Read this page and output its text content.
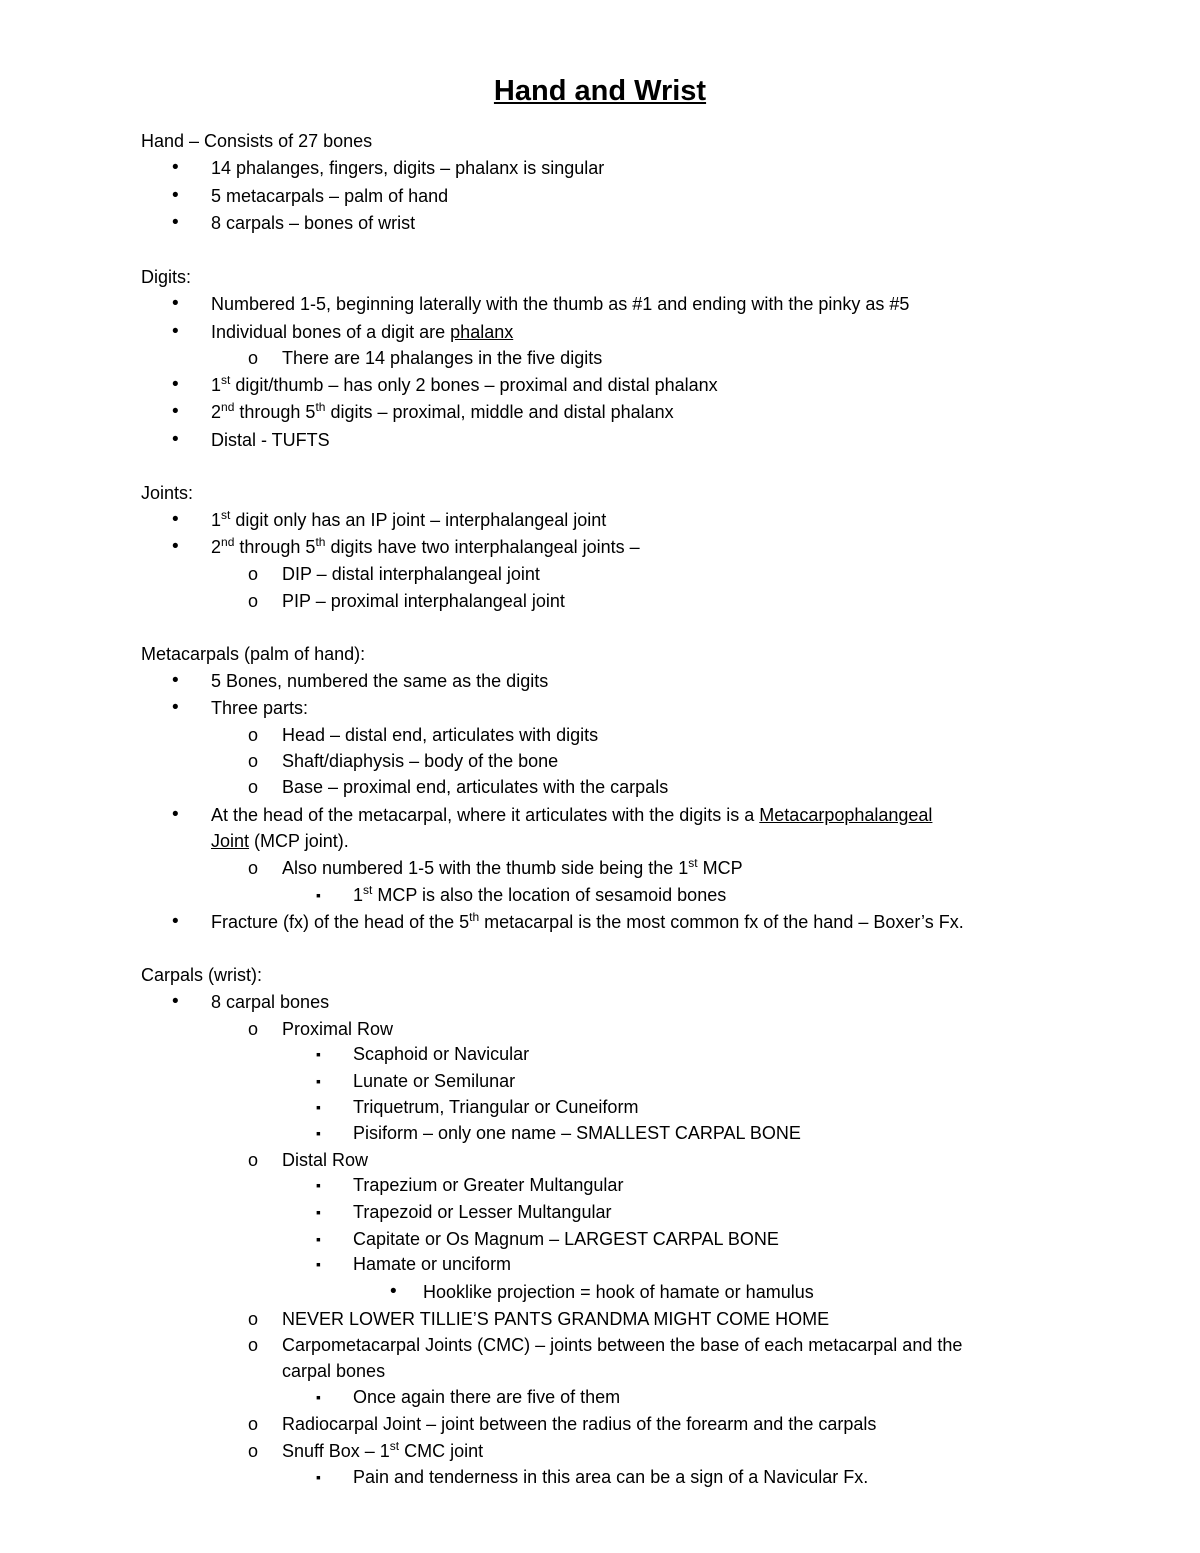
Hand and Wrist
Hand – Consists of 27 bones
• 14 phalanges, fingers, digits – phalanx is singular
• 5 metacarpals – palm of hand
• 8 carpals – bones of wrist
Digits:
• Numbered 1-5, beginning laterally with the thumb as #1 and ending with the pinky as #5
• Individual bones of a digit are phalanx
o There are 14 phalanges in the five digits
• 1st digit/thumb – has only 2 bones – proximal and distal phalanx
• 2nd through 5th digits – proximal, middle and distal phalanx
• Distal - TUFTS
Joints:
• 1st digit only has an IP joint – interphalangeal joint
• 2nd through 5th digits have two interphalangeal joints –
o DIP – distal interphalangeal joint
o PIP – proximal interphalangeal joint
Metacarpals (palm of hand):
• 5 Bones, numbered the same as the digits
• Three parts:
o Head – distal end, articulates with digits
o Shaft/diaphysis – body of the bone
o Base – proximal end, articulates with the carpals
• At the head of the metacarpal, where it articulates with the digits is a Metacarpophalangeal
Joint (MCP joint).
o Also numbered 1-5 with the thumb side being the 1st MCP
▪ 1st MCP is also the location of sesamoid bones
• Fracture (fx) of the head of the 5th metacarpal is the most common fx of the hand – Boxer’s Fx.
Carpals (wrist):
• 8 carpal bones
o Proximal Row
▪ Scaphoid or Navicular
▪ Lunate or Semilunar
▪ Triquetrum, Triangular or Cuneiform
▪ Pisiform – only one name – SMALLEST CARPAL BONE
o Distal Row
▪ Trapezium or Greater Multangular
▪ Trapezoid or Lesser Multangular
▪ Capitate or Os Magnum – LARGEST CARPAL BONE
▪ Hamate or unciform
• Hooklike projection = hook of hamate or hamulus
o NEVER LOWER TILLIE’S PANTS GRANDMA MIGHT COME HOME
o Carpometacarpal Joints (CMC) – joints between the base of each metacarpal and the
carpal bones
▪ Once again there are five of them
o Radiocarpal Joint – joint between the radius of the forearm and the carpals
o Snuff Box – 1st CMC joint
▪ Pain and tenderness in this area can be a sign of a Navicular Fx.
